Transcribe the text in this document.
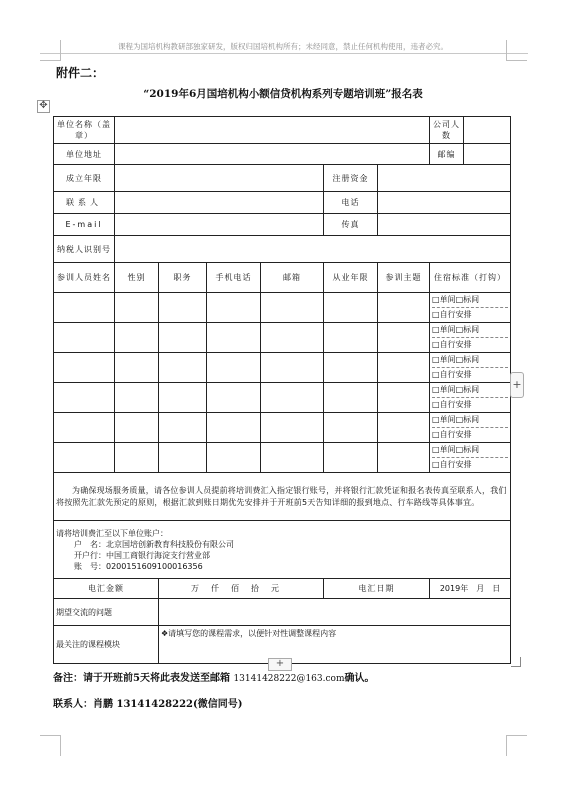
课程为国培机构教研部独家研发，版权归国培机构所有；未经同意，禁止任何机构使用，违者必究。
附件二：
“2019年6月国培机构小额信贷机构系列专题培训班”报名表
✥
单位名称（盖章）							公司人数	
单位地址							邮编	
成立年限					注册资金			
联系人					电话			
E-mail					传真			
纳税人识别号								
参训人员姓名	性别	职务	手机电话	邮箱	从业年限	参训主题	住宿标准（打钩）	

							□单间□标间
□自行安排	

							□单间□标间
□自行安排	

							□单间□标间
□自行安排	

							□单间□标间
□自行安排	

							□单间□标间
□自行安排	

							□单间□标间
□自行安排	

为确保现场服务质量，请各位参训人员提前将培训费汇入指定银行账号，并将银行汇款凭证和报名表传真至联系人，我们将按照先汇款先预定的原则，根据汇款到账日期优先安排并于开班前5天告知详细的报到地点、行车路线等具体事宜。								

请将培训费汇至以下单位账户：
户　名：北京国培创新教育科技股份有限公司
开户行：中国工商银行海淀支行营业部
账　号：0200151609100016356								

电汇金额		万仟佰拾元			电汇日期		2019年　月　日	
期望交流的问题								
最关注的课程模块		❖请填写您的课程需求，以便针对性调整课程内容						
+
+
备注：请于开班前5天将此表发送至邮箱 13141428222@163.com确认。
联系人：肖鹏 13141428222(微信同号)
